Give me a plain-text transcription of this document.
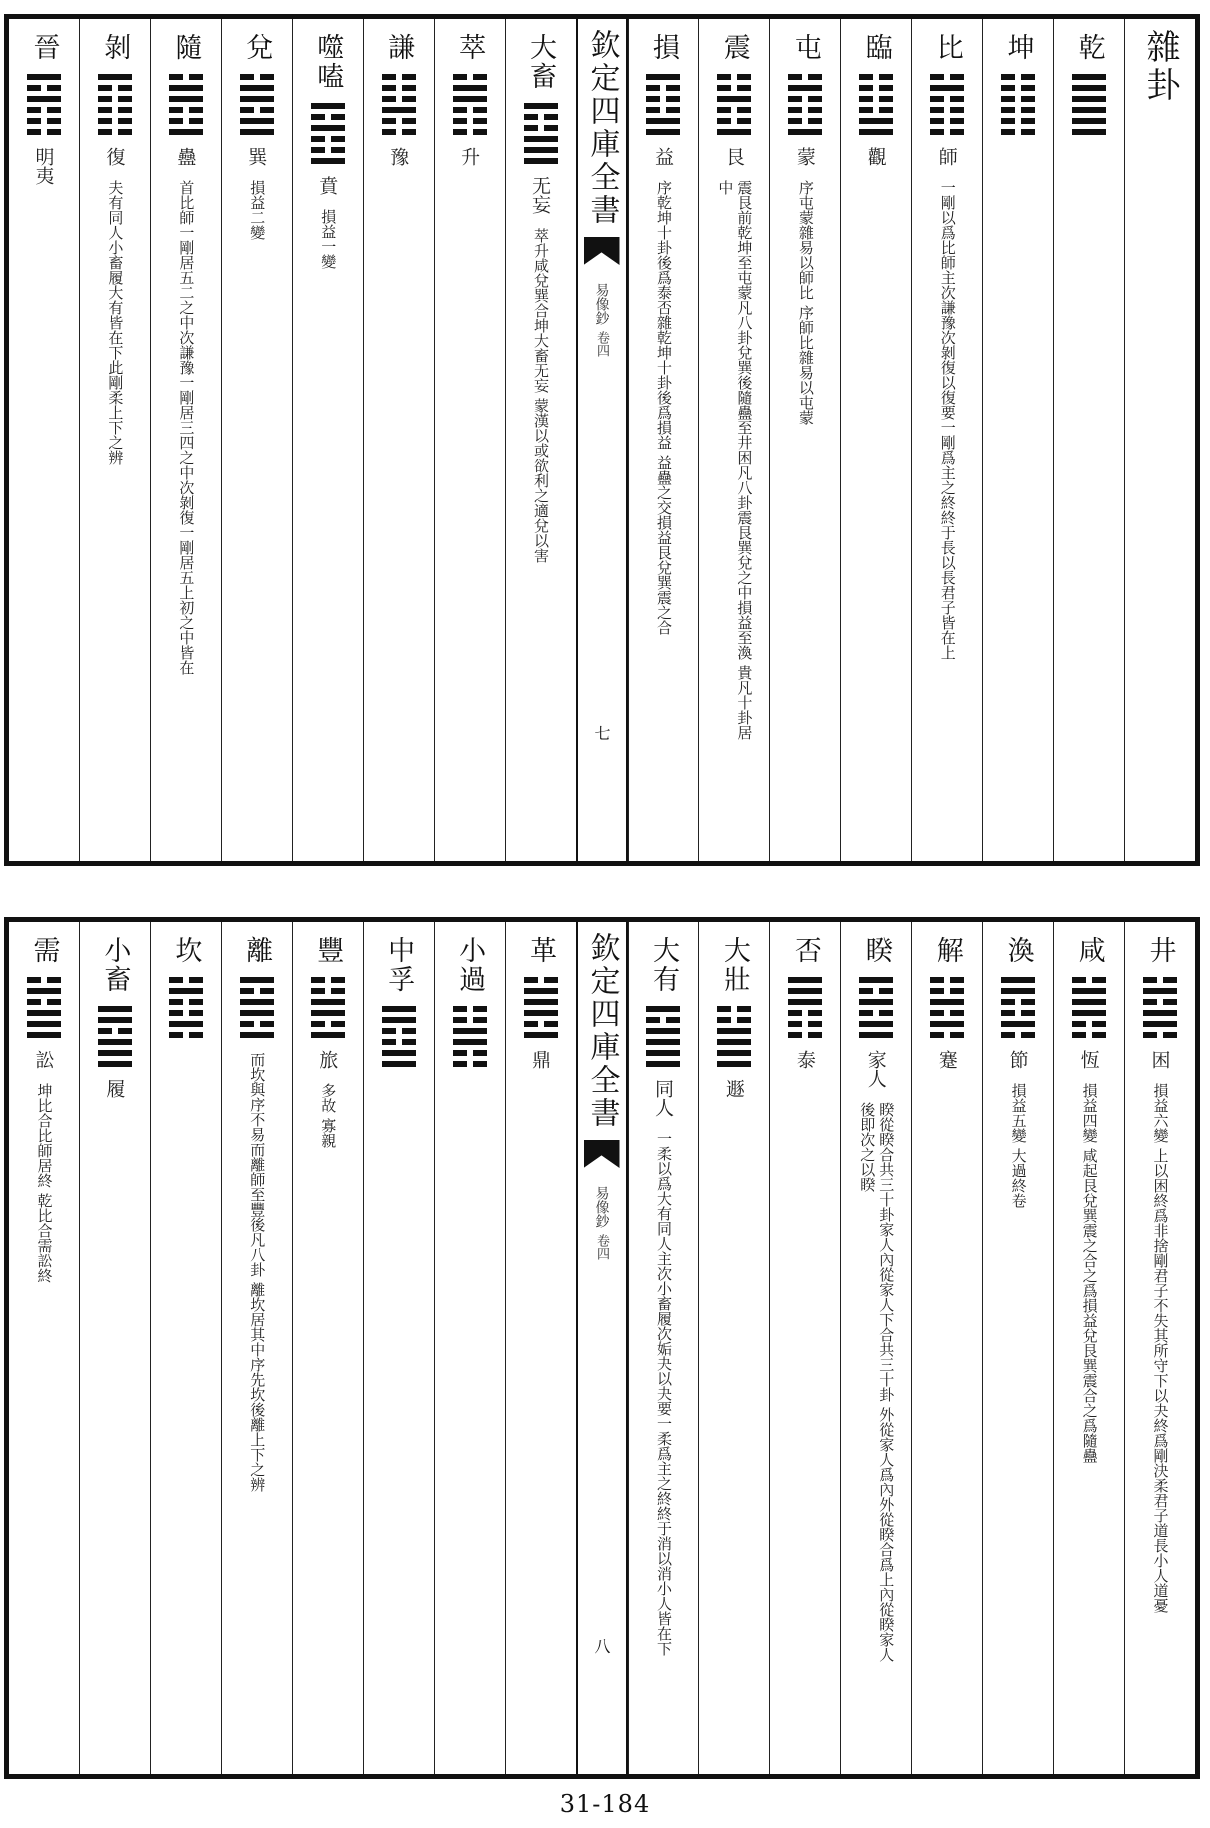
雜卦
乾
坤
比
師
一剛以爲比師主次謙豫次剝復以復要一剛爲主之終終于長以長君子皆在上
臨
觀
屯
蒙
序屯蒙雜易以師比 序師比雜易以屯蒙
震
艮
震艮前乾坤至屯蒙凡八卦兌巽後隨蠱至井困凡八卦震艮巽兌之中損益至渙 貴凡十卦居中
損
益
序乾坤十卦後爲泰否雜乾坤十卦後爲損益 益蠱之交損益艮兌巽震之合
欽定四庫全書
易像鈔
卷四
七
大畜
无妄
萃升咸兌巽合坤大畜无妄 蒙漢以或欲利之適兌以害
萃
升
謙
豫
噬嗑
賁
損益一變
兌
巽
損益二變
隨
蠱
首比師一剛居五二之中次謙豫一剛居三四之中次剝復一剛居五上初之中皆在
剝
復
夫有同人小畜履大有皆在下此剛柔上下之辨
晉
明夷
井
困
損益六變 上以困終爲非捨剛君子不失其所守下以夬終爲剛決柔君子道長小人道憂
咸
恆
損益四變 咸起艮兌巽震之合之爲損益兌艮巽震合之爲隨蠱
渙
節
損益五變 大過終卷
解
蹇
睽
家人
睽從睽合共三十卦家人內從家人下合共三十卦 外從家人爲內外從睽合爲上內從睽家人後即次之以睽
否
泰
大壯
遯
大有
同人
一柔以爲大有同人主次小畜履次姤夬以夬要一柔爲主之終終于消以消小人皆在下
欽定四庫全書
易像鈔
卷四
八
革
鼎
小過
中孚
豐
旅
多故 寡親
離
而坎與序不易而離師至豐後凡八卦 離坎居其中序先坎後離上下之辨
坎
小畜
履
需
訟
坤比合比師居終 乾比合需訟終
31-184
